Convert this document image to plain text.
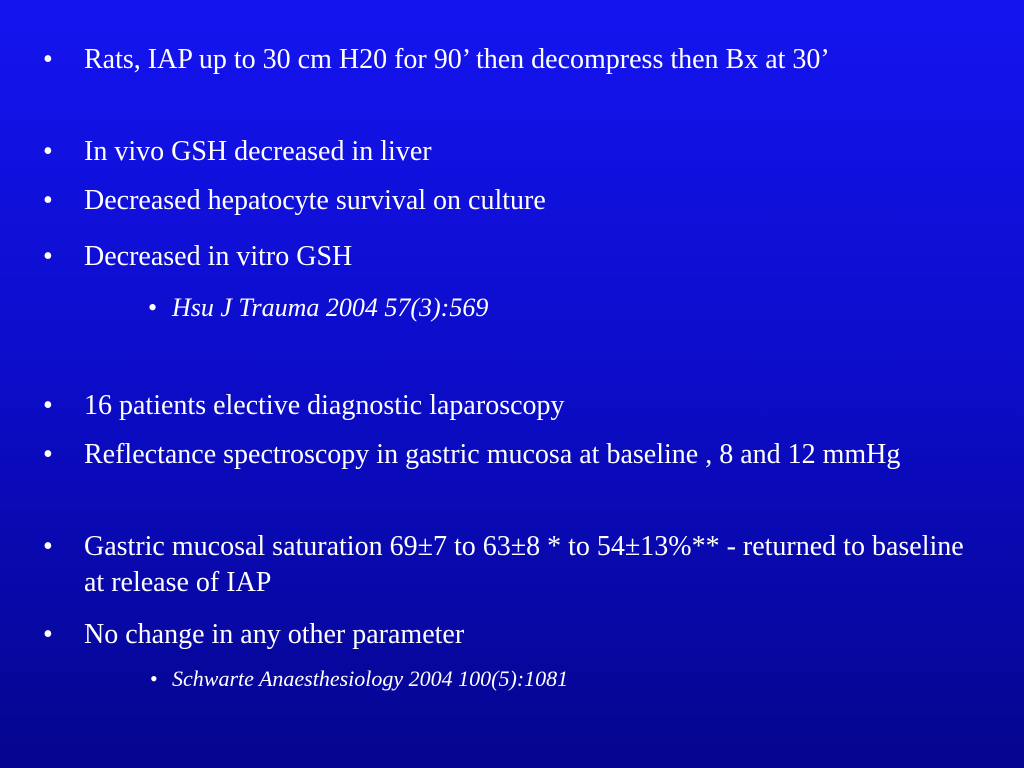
• Rats, IAP up to 30 cm H20 for 90’ then decompress then Bx at 30’
• In vivo GSH decreased in liver
• Decreased hepatocyte survival on culture
• Decreased in vitro GSH
• Hsu J Trauma 2004 57(3):569
• 16 patients elective diagnostic laparoscopy
• Reflectance spectroscopy in gastric mucosa at baseline , 8 and 12 mmHg
• Gastric mucosal saturation 69±7 to 63±8 * to 54±13%** - returned to baseline at release of IAP
• No change in any other parameter
• Schwarte Anaesthesiology 2004 100(5):1081
